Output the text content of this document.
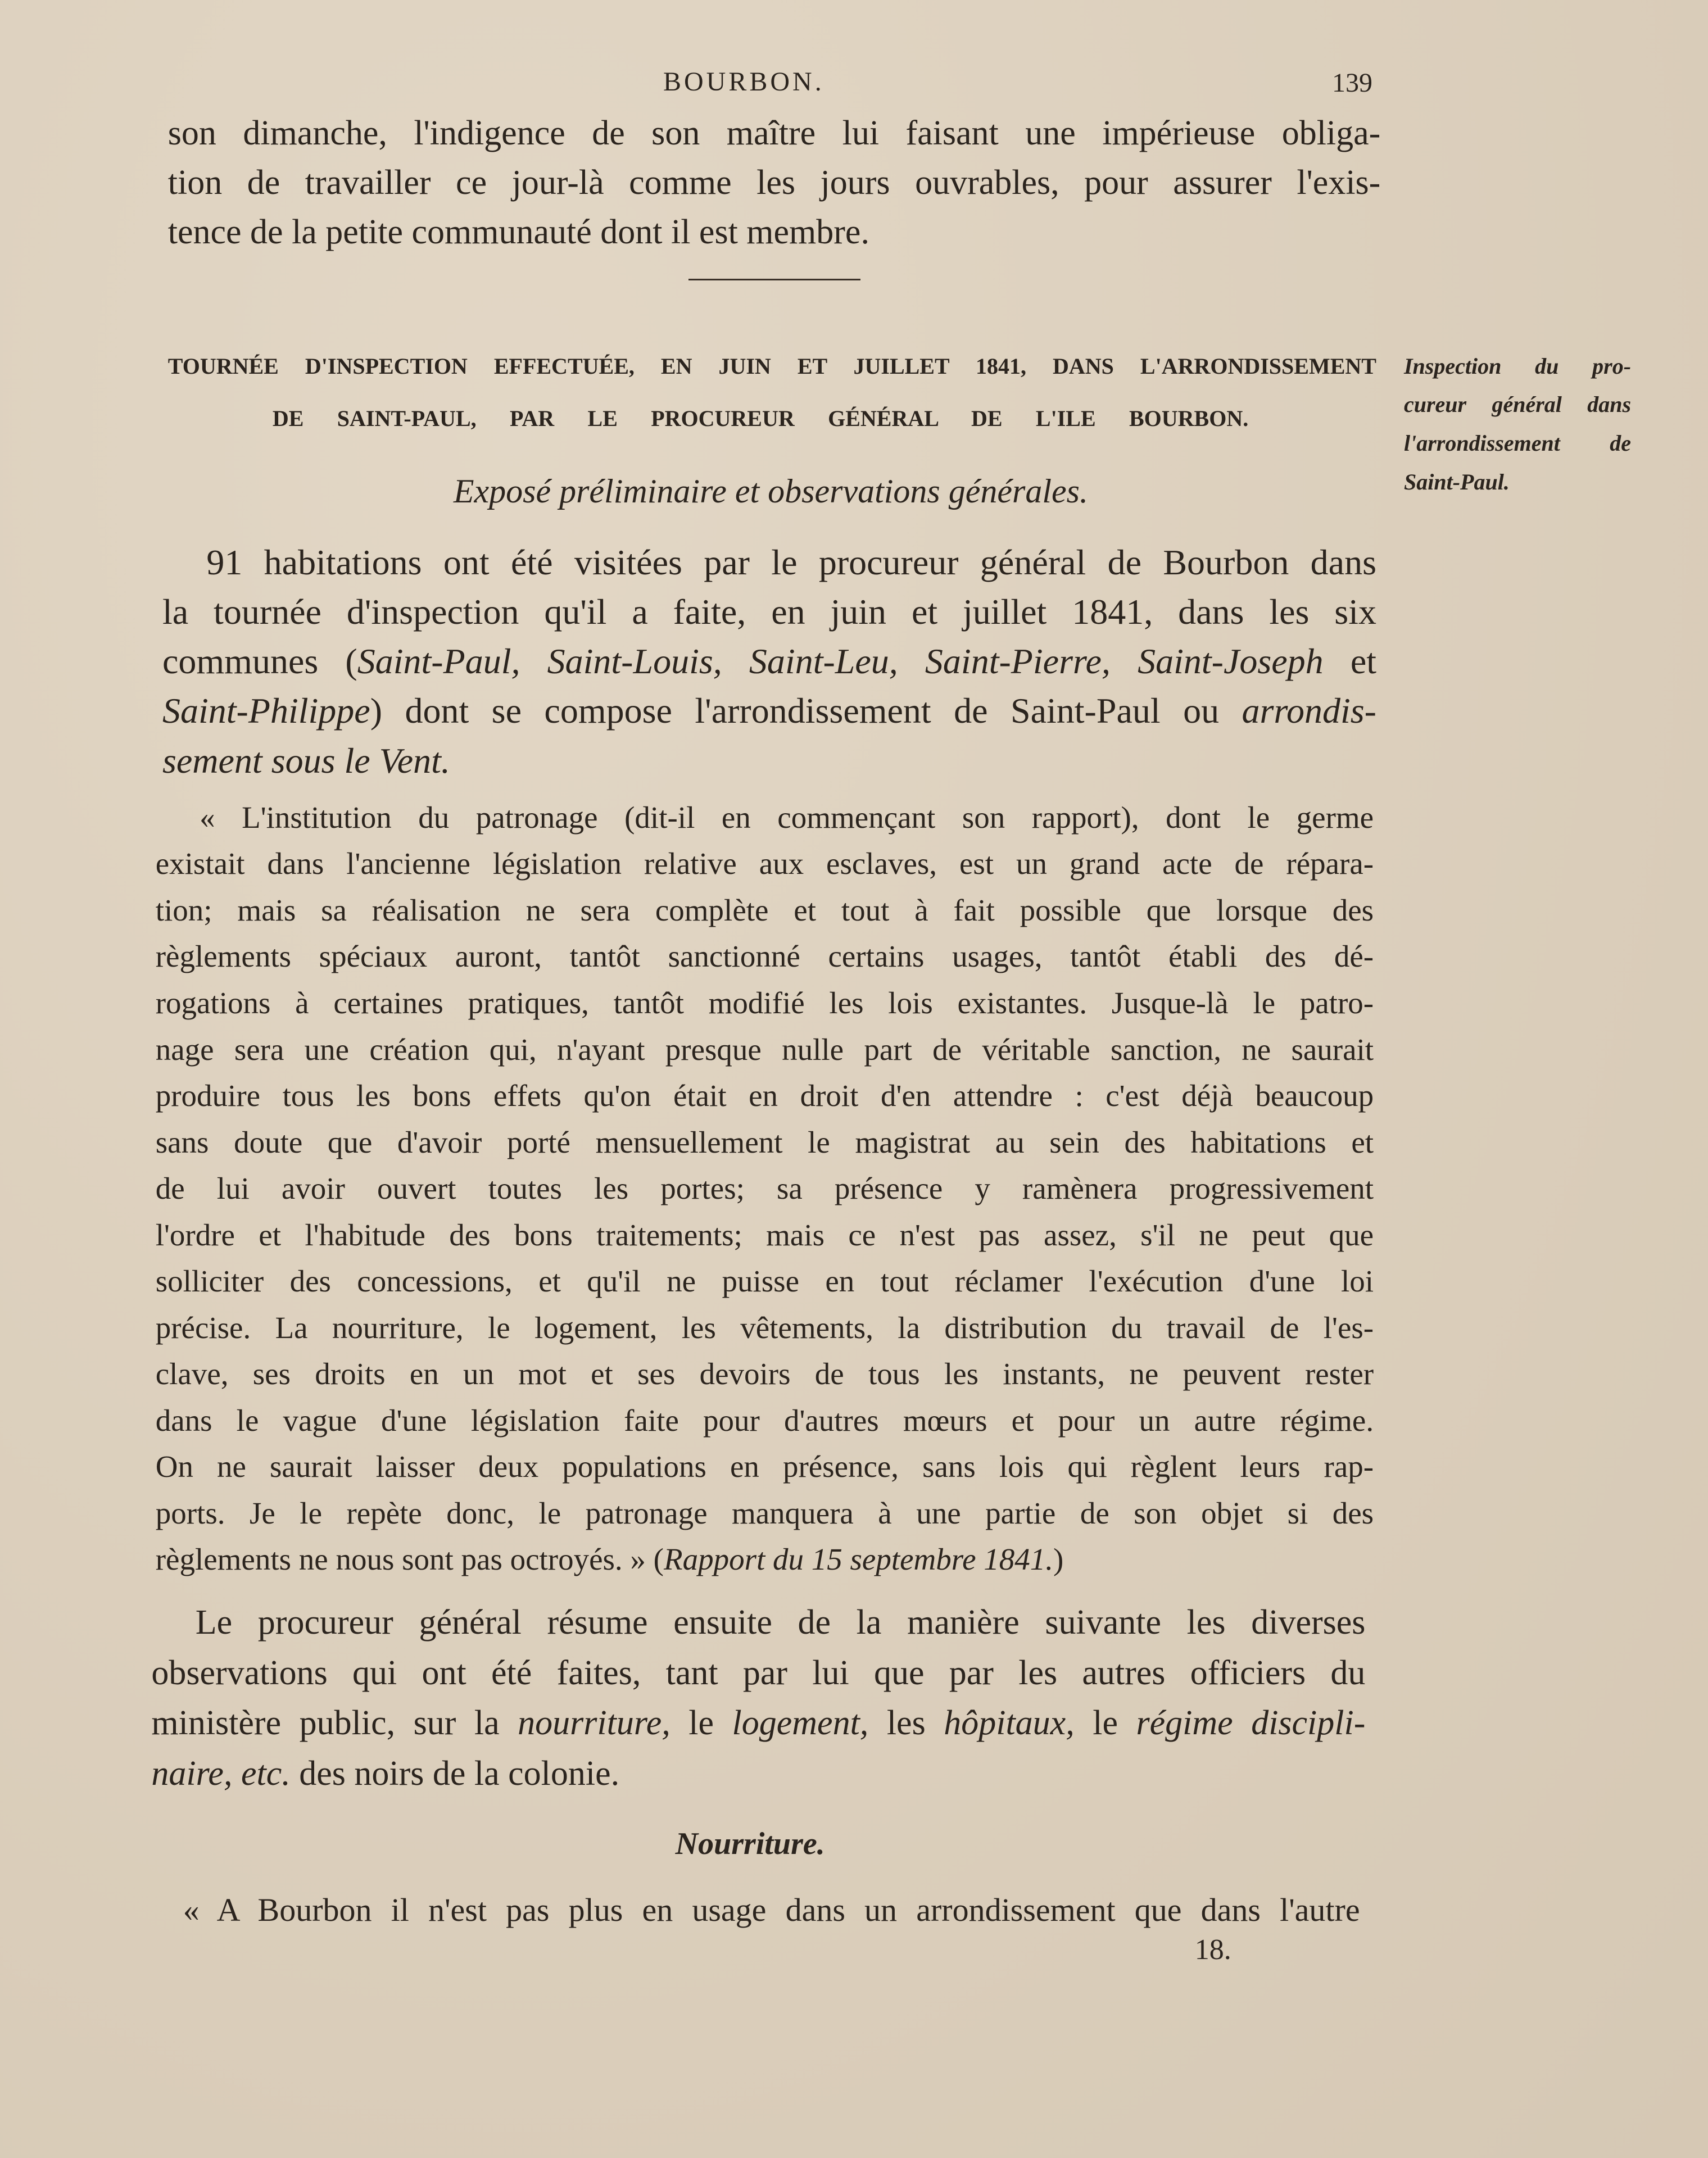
BOURBON.	139
son dimanche, l'indigence de son maître lui faisant une impérieuse obliga-
tion de travailler ce jour-là comme les jours ouvrables, pour assurer l'exis-
tence de la petite communauté dont il est membre.
TOURNÉE D'INSPECTION EFFECTUÉE, EN JUIN ET JUILLET 1841, DANS L'ARRONDISSEMENT
DE SAINT-PAUL, PAR LE PROCUREUR GÉNÉRAL DE L'ILE BOURBON.
Inspection du pro-
cureur général dans
l'arrondissement de
Saint-Paul.
Exposé préliminaire et observations générales.
91 habitations ont été visitées par le procureur général de Bourbon dans
la tournée d'inspection qu'il a faite, en juin et juillet 1841, dans les six
communes (Saint-Paul, Saint-Louis, Saint-Leu, Saint-Pierre, Saint-Joseph et
Saint-Philippe) dont se compose l'arrondissement de Saint-Paul ou arrondis-
sement sous le Vent.
« L'institution du patronage (dit-il en commençant son rapport), dont le germe
existait dans l'ancienne législation relative aux esclaves, est un grand acte de répara-
tion; mais sa réalisation ne sera complète et tout à fait possible que lorsque des
règlements spéciaux auront, tantôt sanctionné certains usages, tantôt établi des dé-
rogations à certaines pratiques, tantôt modifié les lois existantes. Jusque-là le patro-
nage sera une création qui, n'ayant presque nulle part de véritable sanction, ne saurait
produire tous les bons effets qu'on était en droit d'en attendre : c'est déjà beaucoup
sans doute que d'avoir porté mensuellement le magistrat au sein des habitations et
de lui avoir ouvert toutes les portes; sa présence y ramènera progressivement
l'ordre et l'habitude des bons traitements; mais ce n'est pas assez, s'il ne peut que
solliciter des concessions, et qu'il ne puisse en tout réclamer l'exécution d'une loi
précise. La nourriture, le logement, les vêtements, la distribution du travail de l'es-
clave, ses droits en un mot et ses devoirs de tous les instants, ne peuvent rester
dans le vague d'une législation faite pour d'autres mœurs et pour un autre régime.
On ne saurait laisser deux populations en présence, sans lois qui règlent leurs rap-
ports. Je le repète donc, le patronage manquera à une partie de son objet si des
règlements ne nous sont pas octroyés. » (Rapport du 15 septembre 1841.)
Le procureur général résume ensuite de la manière suivante les diverses
observations qui ont été faites, tant par lui que par les autres officiers du
ministère public, sur la nourriture, le logement, les hôpitaux, le régime discipli-
naire, etc. des noirs de la colonie.
Nourriture.
« A Bourbon il n'est pas plus en usage dans un arrondissement que dans l'autre
18.
